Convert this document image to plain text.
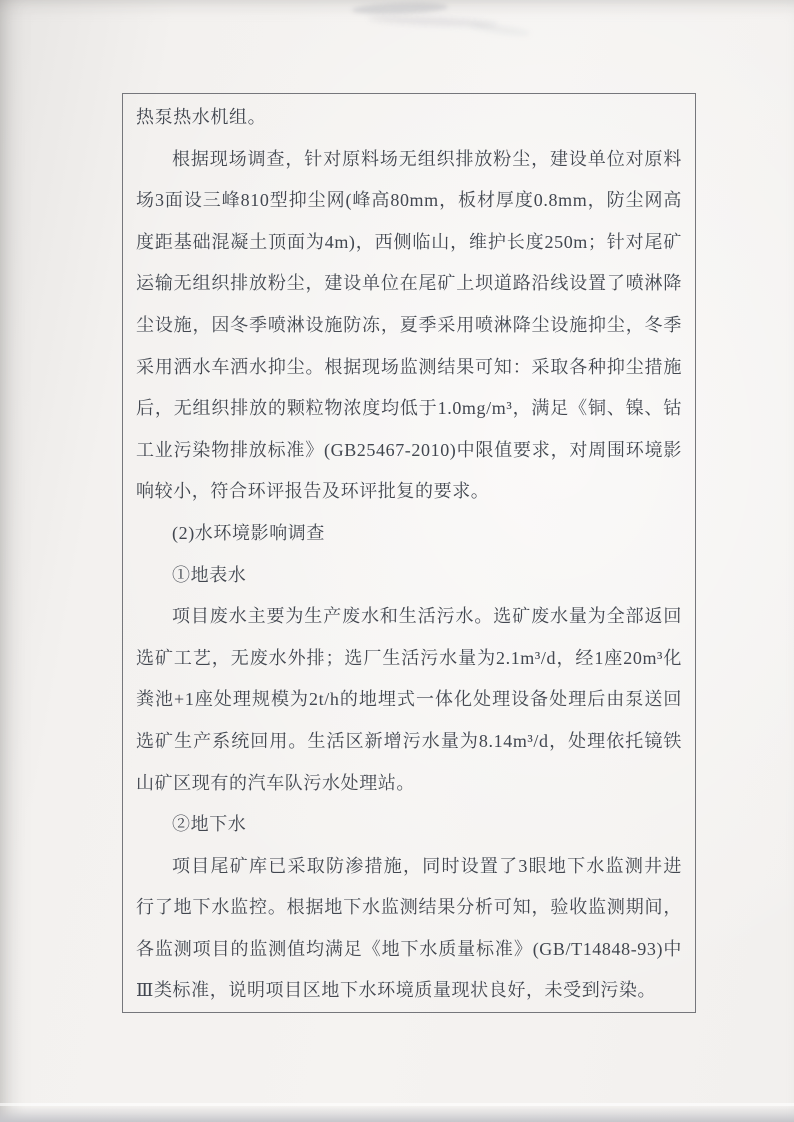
热泵热水机组。

根据现场调查，针对原料场无组织排放粉尘，建设单位对原料场3面设三峰810型抑尘网(峰高80mm，板材厚度0.8mm，防尘网高度距基础混凝土顶面为4m)，西侧临山，维护长度250m；针对尾矿运输无组织排放粉尘，建设单位在尾矿上坝道路沿线设置了喷淋降尘设施，因冬季喷淋设施防冻，夏季采用喷淋降尘设施抑尘，冬季采用洒水车洒水抑尘。根据现场监测结果可知：采取各种抑尘措施后，无组织排放的颗粒物浓度均低于1.0mg/m³，满足《铜、镍、钴工业污染物排放标准》(GB25467-2010)中限值要求，对周围环境影响较小，符合环评报告及环评批复的要求。

(2)水环境影响调查

①地表水

项目废水主要为生产废水和生活污水。选矿废水量为全部返回选矿工艺，无废水外排；选厂生活污水量为2.1m³/d，经1座20m³化粪池+1座处理规模为2t/h的地埋式一体化处理设备处理后由泵送回选矿生产系统回用。生活区新增污水量为8.14m³/d，处理依托镜铁山矿区现有的汽车队污水处理站。

②地下水

项目尾矿库已采取防渗措施，同时设置了3眼地下水监测井进行了地下水监控。根据地下水监测结果分析可知，验收监测期间，各监测项目的监测值均满足《地下水质量标准》(GB/T14848-93)中Ⅲ类标准，说明项目区地下水环境质量现状良好，未受到污染。
